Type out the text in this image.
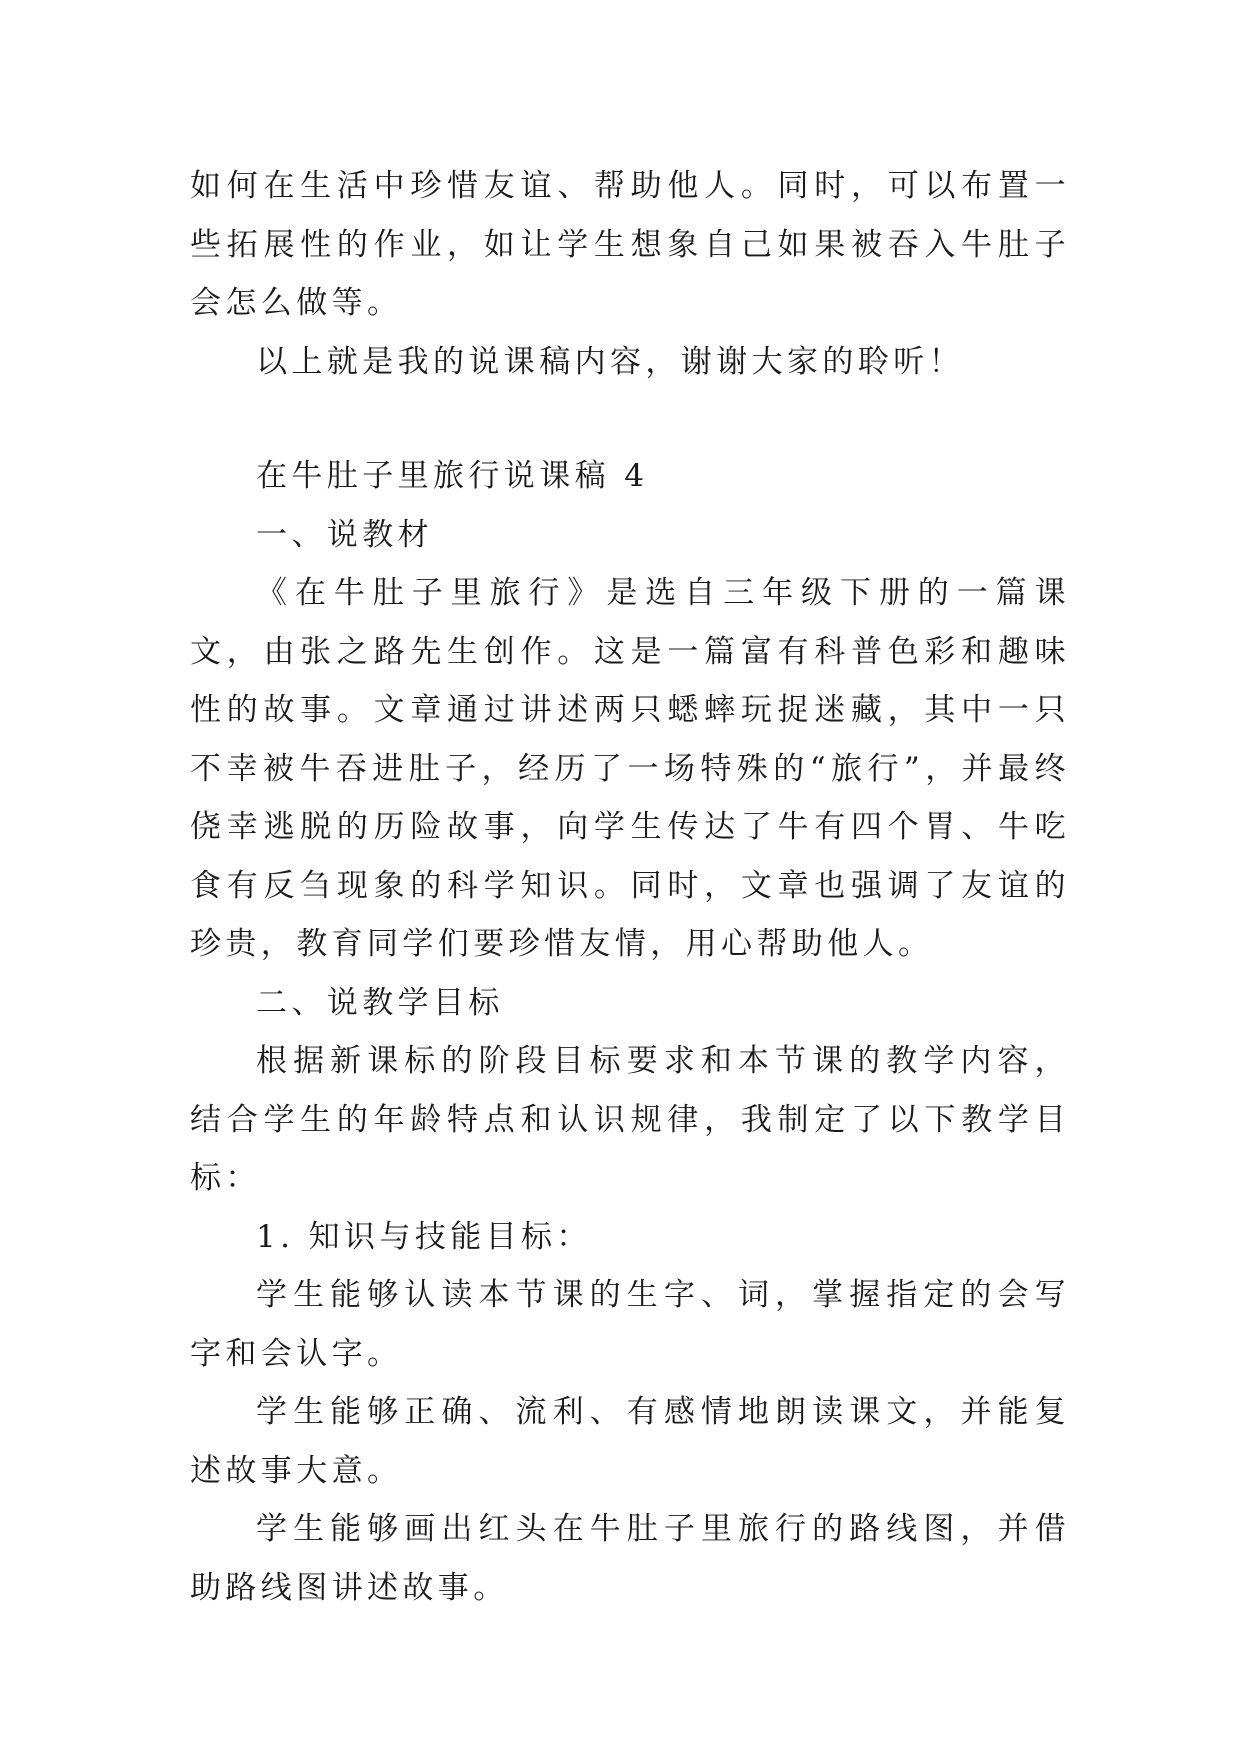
如何在生活中珍惜友谊、帮助他人。同时，可以布置一些拓展性的作业，如让学生想象自己如果被吞入牛肚子会怎么做等。

以上就是我的说课稿内容，谢谢大家的聆听！

在牛肚子里旅行说课稿 4

一、说教材

《在牛肚子里旅行》是选自三年级下册的一篇课文，由张之路先生创作。这是一篇富有科普色彩和趣味性的故事。文章通过讲述两只蟋蟀玩捉迷藏，其中一只不幸被牛吞进肚子，经历了一场特殊的“旅行”，并最终侥幸逃脱的历险故事，向学生传达了牛有四个胃、牛吃食有反刍现象的科学知识。同时，文章也强调了友谊的珍贵，教育同学们要珍惜友情，用心帮助他人。

二、说教学目标

根据新课标的阶段目标要求和本节课的教学内容，结合学生的年龄特点和认识规律，我制定了以下教学目标：

1. 知识与技能目标：

学生能够认读本节课的生字、词，掌握指定的会写字和会认字。

学生能够正确、流利、有感情地朗读课文，并能复述故事大意。

学生能够画出红头在牛肚子里旅行的路线图，并借助路线图讲述故事。
